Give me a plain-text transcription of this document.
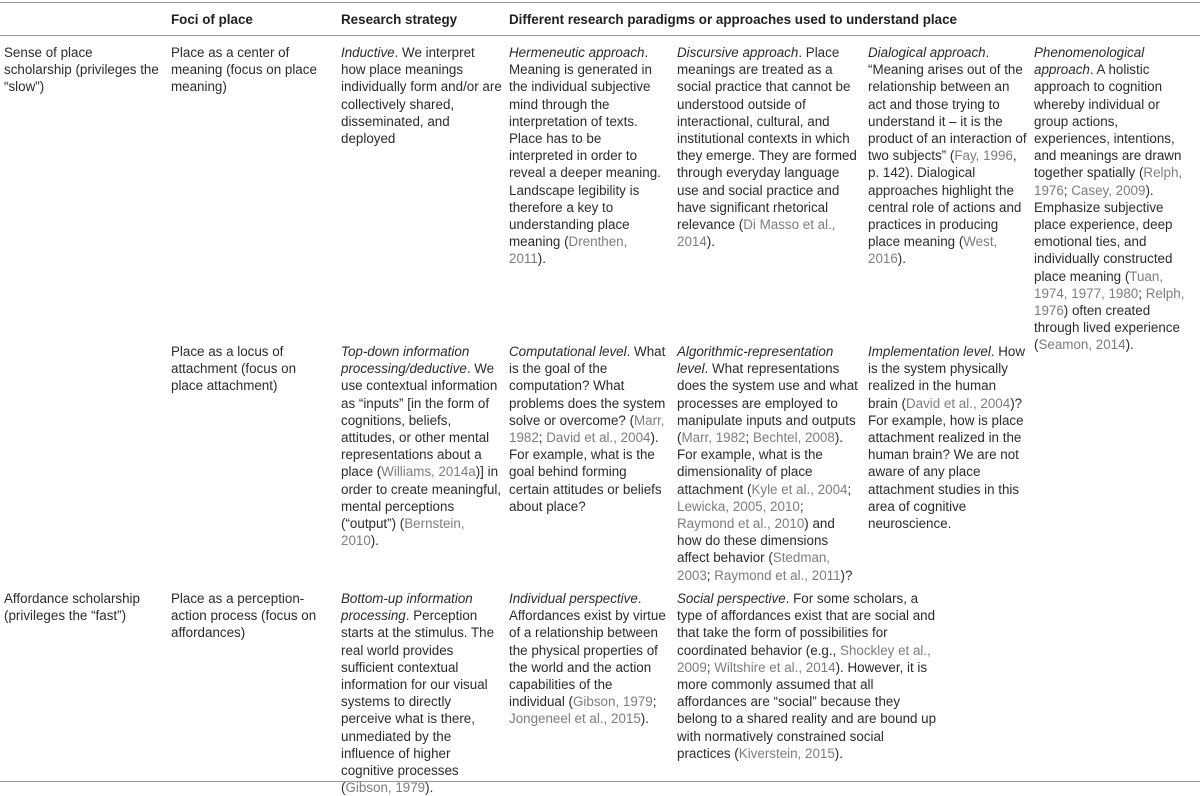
Foci of place	Research strategy	Different research paradigms or approaches used to understand place
Sense of place scholarship (privileges the “slow”)
Place as a center of meaning (focus on place meaning)
Inductive. We interpret how place meanings individually form and/or are collectively shared, disseminated, and deployed
Hermeneutic approach. Meaning is generated in the individual subjective mind through the interpretation of texts. Place has to be interpreted in order to reveal a deeper meaning. Landscape legibility is therefore a key to understanding place meaning (Drenthen, 2011).
Discursive approach. Place meanings are treated as a social practice that cannot be understood outside of interactional, cultural, and institutional contexts in which they emerge. They are formed through everyday language use and social practice and have significant rhetorical relevance (Di Masso et al., 2014).
Dialogical approach. “Meaning arises out of the relationship between an act and those trying to understand it – it is the product of an interaction of two subjects” (Fay, 1996, p. 142). Dialogical approaches highlight the central role of actions and practices in producing place meaning (West, 2016).
Phenomenological approach. A holistic approach to cognition whereby individual or group actions, experiences, intentions, and meanings are drawn together spatially (Relph, 1976; Casey, 2009). Emphasize subjective place experience, deep emotional ties, and individually constructed place meaning (Tuan, 1974, 1977, 1980; Relph, 1976) often created through lived experience (Seamon, 2014).
Place as a locus of attachment (focus on place attachment)
Top-down information processing/deductive. We use contextual information as “inputs” [in the form of cognitions, beliefs, attitudes, or other mental representations about a place (Williams, 2014a)] in order to create meaningful, mental perceptions (“output”) (Bernstein, 2010).
Computational level. What is the goal of the computation? What problems does the system solve or overcome? (Marr, 1982; David et al., 2004). For example, what is the goal behind forming certain attitudes or beliefs about place?
Algorithmic-representation level. What representations does the system use and what processes are employed to manipulate inputs and outputs (Marr, 1982; Bechtel, 2008). For example, what is the dimensionality of place attachment (Kyle et al., 2004; Lewicka, 2005, 2010; Raymond et al., 2010) and how do these dimensions affect behavior (Stedman, 2003; Raymond et al., 2011)?
Implementation level. How is the system physically realized in the human brain (David et al., 2004)? For example, how is place attachment realized in the human brain? We are not aware of any place attachment studies in this area of cognitive neuroscience.
Affordance scholarship (privileges the “fast”)
Place as a perception-action process (focus on affordances)
Bottom-up information processing. Perception starts at the stimulus. The real world provides sufficient contextual information for our visual systems to directly perceive what is there, unmediated by the influence of higher cognitive processes (Gibson, 1979).
Individual perspective. Affordances exist by virtue of a relationship between the physical properties of the world and the action capabilities of the individual (Gibson, 1979; Jongeneel et al., 2015).
Social perspective. For some scholars, a type of affordances exist that are social and that take the form of possibilities for coordinated behavior (e.g., Shockley et al., 2009; Wiltshire et al., 2014). However, it is more commonly assumed that all affordances are “social” because they belong to a shared reality and are bound up with normatively constrained social practices (Kiverstein, 2015).
